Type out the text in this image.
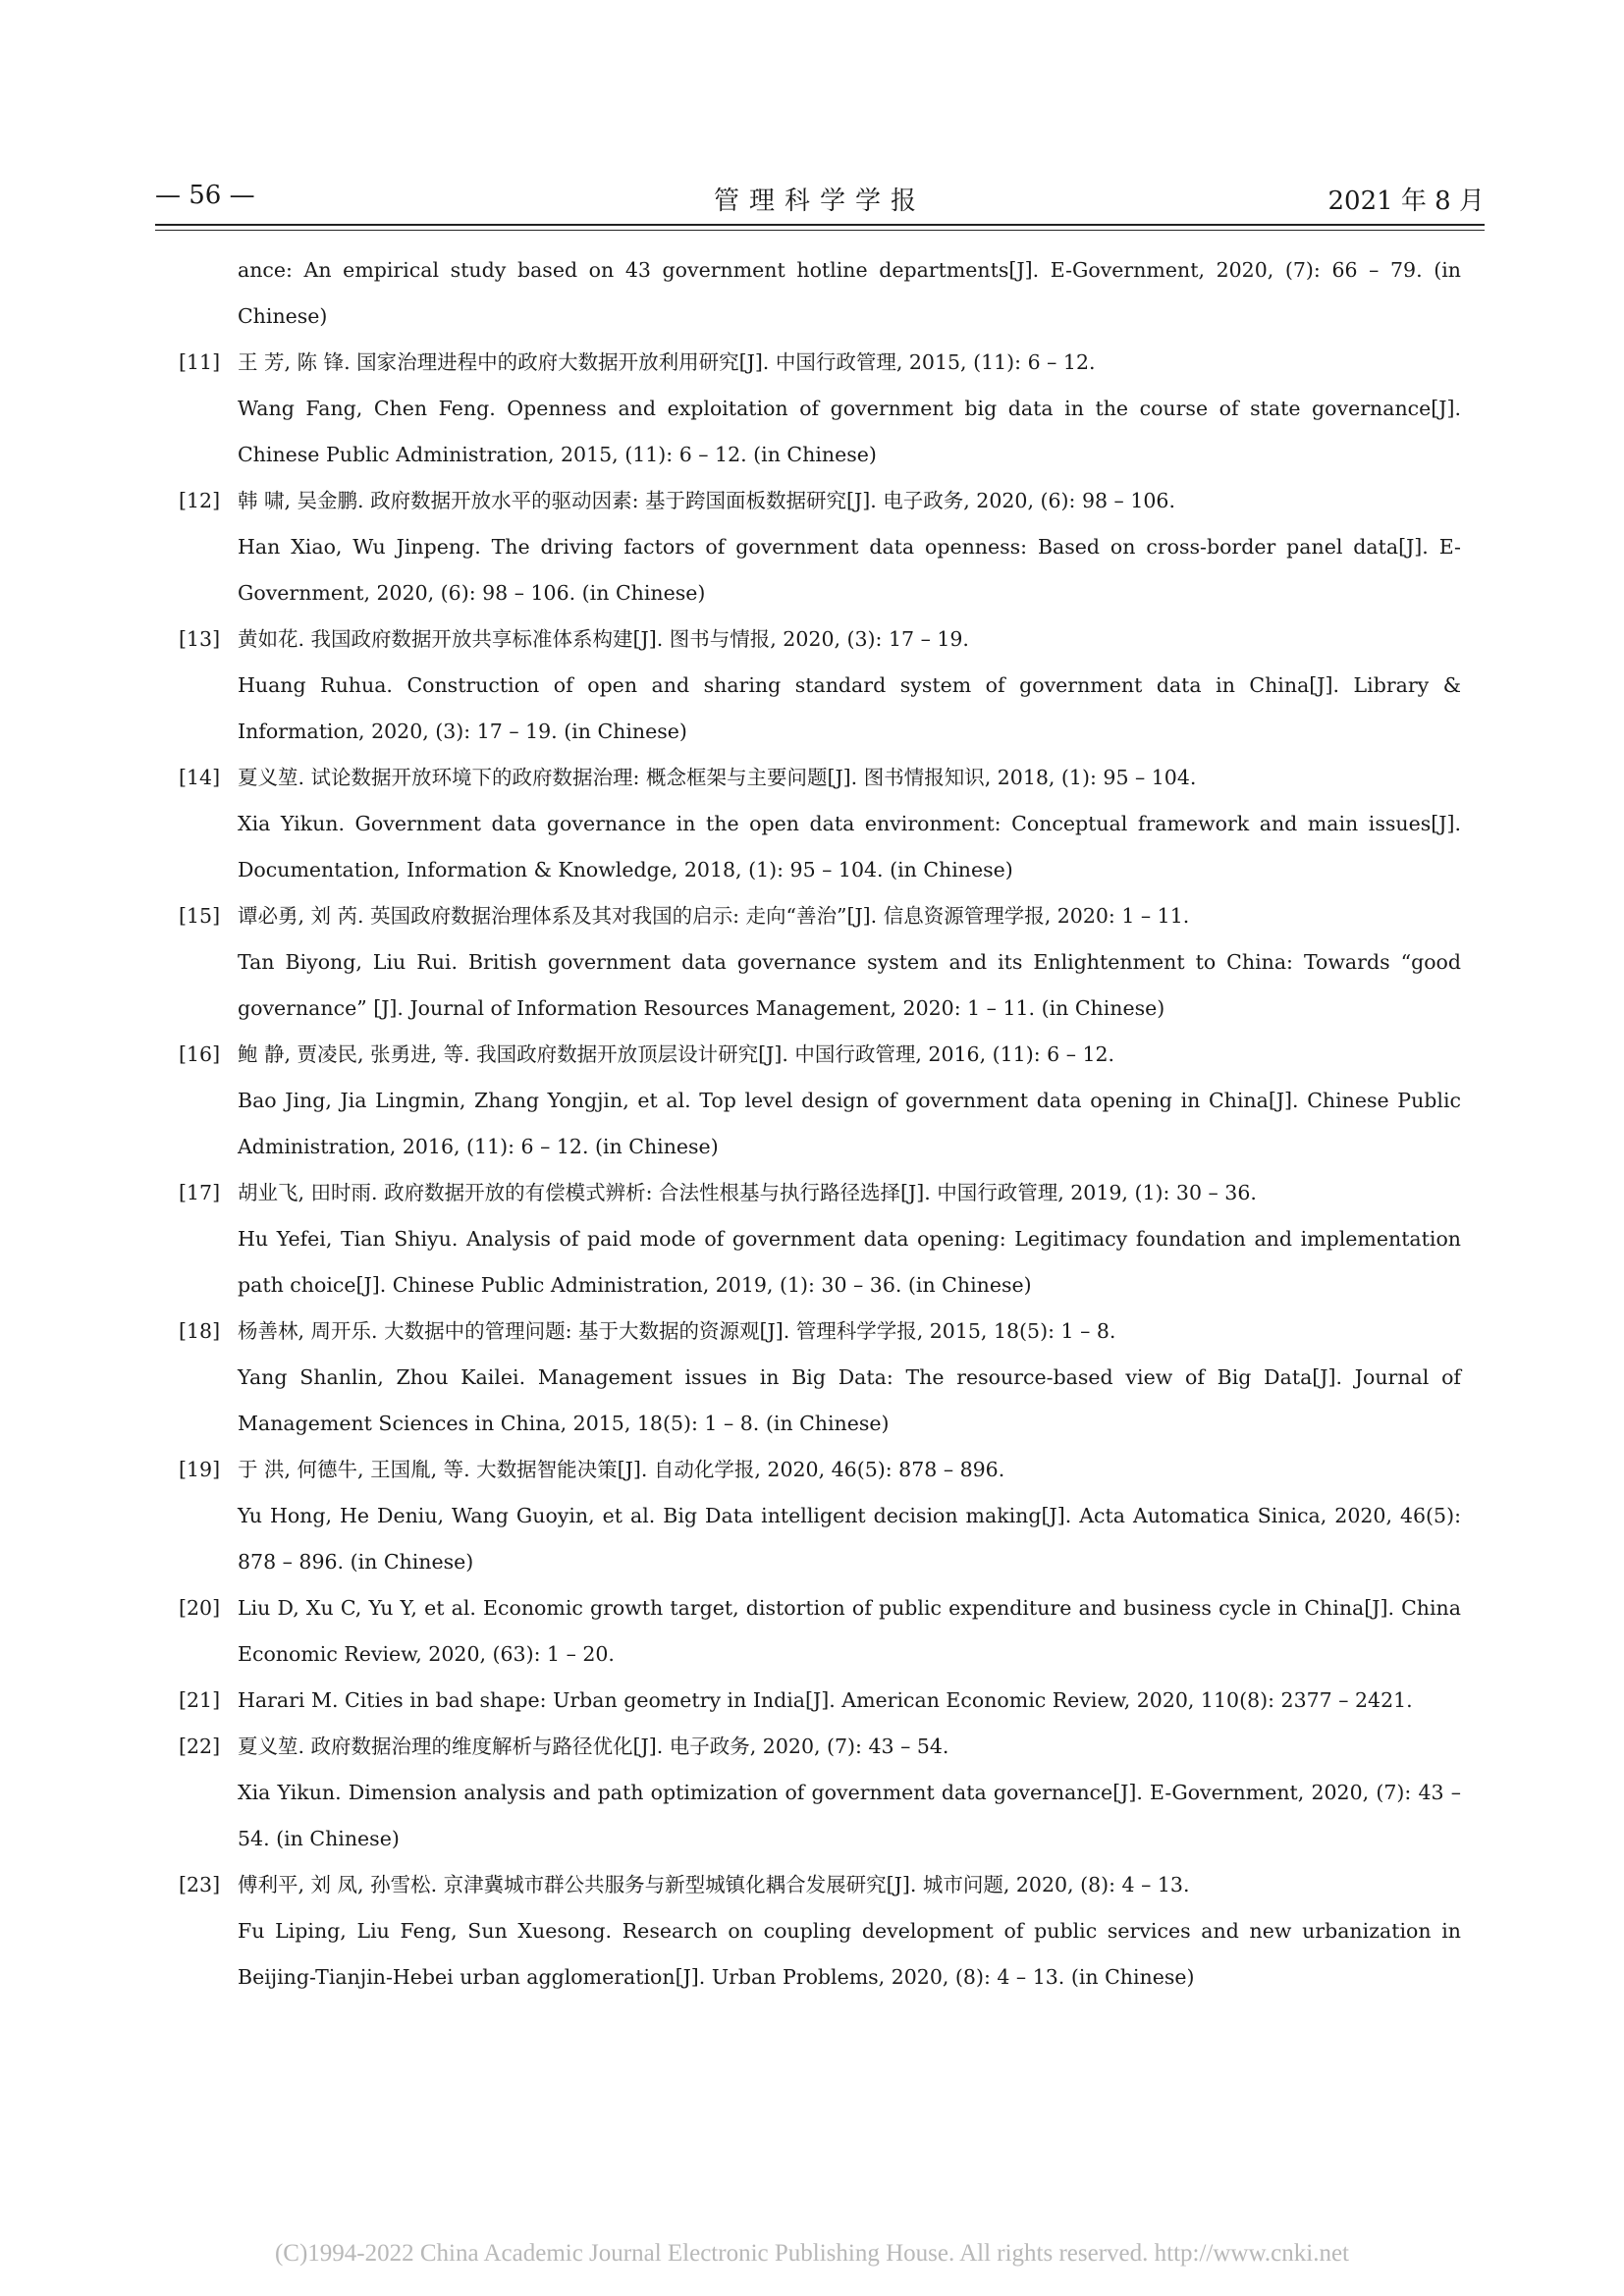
— 56 —	管理科学学报	2021 年 8 月

ance: An empirical study based on 43 government hotline departments[J]. E-Government, 2020, (7): 66 – 79. (in Chinese)

[11] 王 芳, 陈 锋. 国家治理进程中的政府大数据开放利用研究[J]. 中国行政管理, 2015, (11): 6 – 12.

Wang Fang, Chen Feng. Openness and exploitation of government big data in the course of state governance[J]. Chinese Public Administration, 2015, (11): 6 – 12. (in Chinese)

[12] 韩 啸, 吴金鹏. 政府数据开放水平的驱动因素: 基于跨国面板数据研究[J]. 电子政务, 2020, (6): 98 – 106.

Han Xiao, Wu Jinpeng. The driving factors of government data openness: Based on cross-border panel data[J]. E-Government, 2020, (6): 98 – 106. (in Chinese)

[13] 黄如花. 我国政府数据开放共享标准体系构建[J]. 图书与情报, 2020, (3): 17 – 19.

Huang Ruhua. Construction of open and sharing standard system of government data in China[J]. Library & Information, 2020, (3): 17 – 19. (in Chinese)

[14] 夏义堃. 试论数据开放环境下的政府数据治理: 概念框架与主要问题[J]. 图书情报知识, 2018, (1): 95 – 104.

Xia Yikun. Government data governance in the open data environment: Conceptual framework and main issues[J]. Documentation, Information & Knowledge, 2018, (1): 95 – 104. (in Chinese)

[15] 谭必勇, 刘 芮. 英国政府数据治理体系及其对我国的启示: 走向“善治”[J]. 信息资源管理学报, 2020: 1 – 11.

Tan Biyong, Liu Rui. British government data governance system and its Enlightenment to China: Towards “good governance” [J]. Journal of Information Resources Management, 2020: 1 – 11. (in Chinese)

[16] 鲍 静, 贾凌民, 张勇进, 等. 我国政府数据开放顶层设计研究[J]. 中国行政管理, 2016, (11): 6 – 12.

Bao Jing, Jia Lingmin, Zhang Yongjin, et al. Top level design of government data opening in China[J]. Chinese Public Administration, 2016, (11): 6 – 12. (in Chinese)

[17] 胡业飞, 田时雨. 政府数据开放的有偿模式辨析: 合法性根基与执行路径选择[J]. 中国行政管理, 2019, (1): 30 – 36.

Hu Yefei, Tian Shiyu. Analysis of paid mode of government data opening: Legitimacy foundation and implementation path choice[J]. Chinese Public Administration, 2019, (1): 30 – 36. (in Chinese)

[18] 杨善林, 周开乐. 大数据中的管理问题: 基于大数据的资源观[J]. 管理科学学报, 2015, 18(5): 1 – 8.

Yang Shanlin, Zhou Kailei. Management issues in Big Data: The resource-based view of Big Data[J]. Journal of Management Sciences in China, 2015, 18(5): 1 – 8. (in Chinese)

[19] 于 洪, 何德牛, 王国胤, 等. 大数据智能决策[J]. 自动化学报, 2020, 46(5): 878 – 896.

Yu Hong, He Deniu, Wang Guoyin, et al. Big Data intelligent decision making[J]. Acta Automatica Sinica, 2020, 46(5): 878 – 896. (in Chinese)

[20] Liu D, Xu C, Yu Y, et al. Economic growth target, distortion of public expenditure and business cycle in China[J]. China Economic Review, 2020, (63): 1 – 20.

[21] Harari M. Cities in bad shape: Urban geometry in India[J]. American Economic Review, 2020, 110(8): 2377 – 2421.

[22] 夏义堃. 政府数据治理的维度解析与路径优化[J]. 电子政务, 2020, (7): 43 – 54.

Xia Yikun. Dimension analysis and path optimization of government data governance[J]. E-Government, 2020, (7): 43 – 54. (in Chinese)

[23] 傅利平, 刘 凤, 孙雪松. 京津冀城市群公共服务与新型城镇化耦合发展研究[J]. 城市问题, 2020, (8): 4 – 13.

Fu Liping, Liu Feng, Sun Xuesong. Research on coupling development of public services and new urbanization in Beijing-Tianjin-Hebei urban agglomeration[J]. Urban Problems, 2020, (8): 4 – 13. (in Chinese)

(C)1994-2022 China Academic Journal Electronic Publishing House. All rights reserved. http://www.cnki.net
